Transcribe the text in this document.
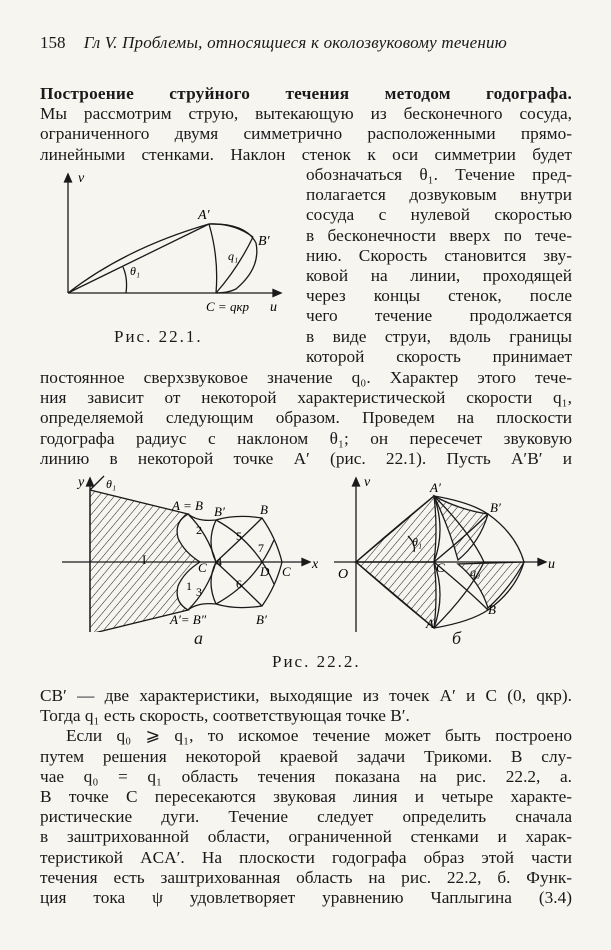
158 Гл V. Проблемы, относящиеся к околозвуковому течению
Построение струйного течения методом годографа.
Мы рассмотрим струю, вытекающую из бесконечного сосуда,
ограниченного двумя симметрично расположенными прямо-
линейными стенками. Наклон стенок к оси симметрии будет
обозначаться θ₁. Течение пред-
полагается дозвуковым внутри
сосуда с нулевой скоростью
в бесконечности вверх по тече-
нию. Скорость становится зву-
ковой на линии, проходящей
через концы стенок, после
чего течение продолжается
в виде струи, вдоль границы
которой скорость принимает
v
u
A′
B′
θ₁
q₁
C = qкр
Рис. 22.1.
постоянное сверхзвуковое значение q₀. Характер этого тече-
ния зависит от некоторой характеристической скорости q₁,
определяемой следующим образом. Проведем на плоскости
годографа радиус с наклоном θ₁; он пересечет звуковую
линию в некоторой точке A′ (рис. 22.1). Пусть A′B′ и
y
x
θ₁
A = B B′	B
A′= B″	B′
C	C
D
I
1
2
3
4
5
6
7
а
v
u
O
A′
B′
A
B
C
θ₁
q₀
б
Рис. 22.2.
CB′ — две характеристики, выходящие из точек A′ и C (0, qкр).
Тогда q₁ есть скорость, соответствующая точке B′.
Если q₀ ⩾ q₁, то искомое течение может быть построено
путем решения некоторой краевой задачи Трикоми. В слу-
чае q₀ = q₁ область течения показана на рис. 22.2, а.
В точке C пересекаются звуковая линия и четыре характе-
ристические дуги. Течение следует определить сначала
в заштрихованной области, ограниченной стенками и харак-
теристикой ACA′. На плоскости годографа образ этой части
течения есть заштрихованная область на рис. 22.2, б. Функ-
ция тока ψ удовлетворяет уравнению Чаплыгина (3.4)
